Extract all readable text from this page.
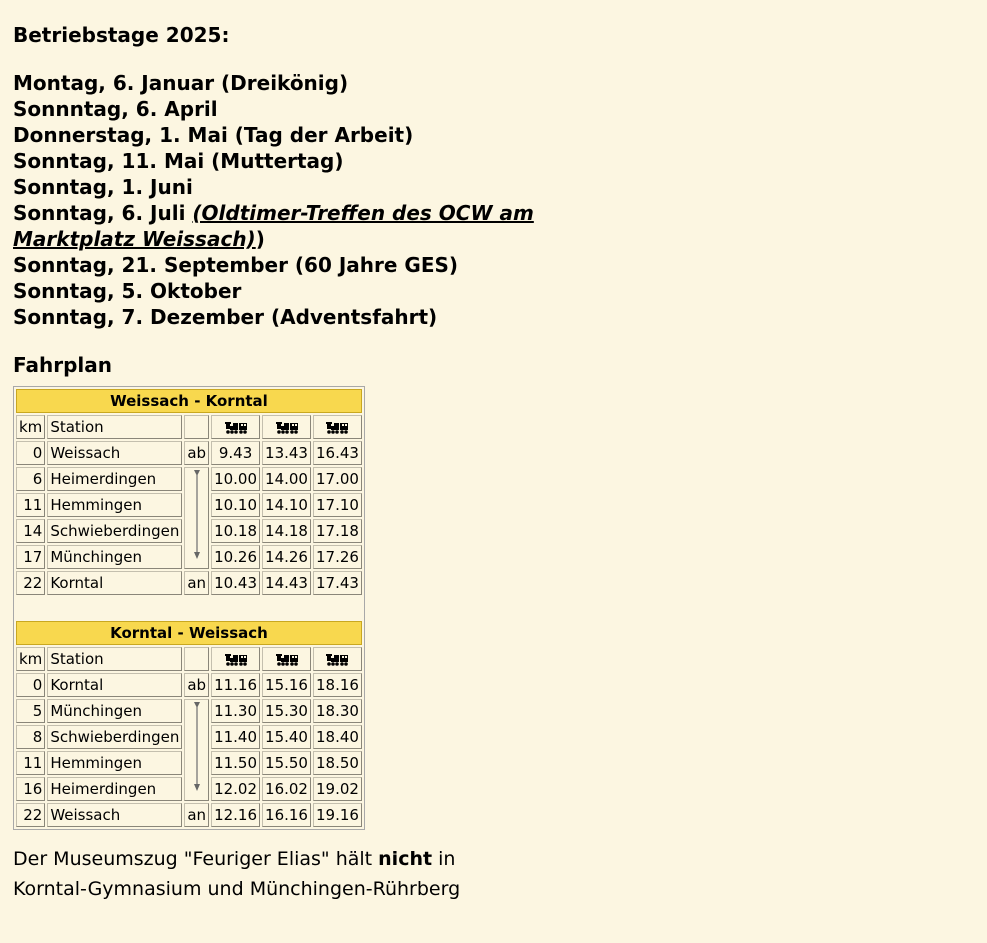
Betriebstage 2025:

Montag, 6. Januar (Dreikönig)
Sonnntag, 6. April
Donnerstag, 1. Mai (Tag der Arbeit)
Sonntag, 11. Mai (Muttertag)
Sonntag, 1. Juni
Sonntag, 6. Juli (Oldtimer-Treffen des OCW am
Marktplatz Weissach))
Sonntag, 21. September (60 Jahre GES)
Sonntag, 5. Oktober
Sonntag, 7. Dezember (Adventsfahrt)
Fahrplan
Weissach - Korntal					
km	Station				
0	Weissach	ab	9.43	13.43	16.43
6	Heimerdingen		10.00	14.00	17.00
11	Hemmingen		10.10	14.10	17.10
14	Schwieberdingen		10.18	14.18	17.18
17	Münchingen		10.26	14.26	17.26
22	Korntal	an	10.43	14.43	17.43

Korntal - Weissach					
km	Station				
0	Korntal	ab	11.16	15.16	18.16
5	Münchingen		11.30	15.30	18.30
8	Schwieberdingen		11.40	15.40	18.40
11	Hemmingen		11.50	15.50	18.50
16	Heimerdingen		12.02	16.02	19.02
22	Weissach	an	12.16	16.16	19.16
Der Museumszug "Feuriger Elias" hält nicht in
Korntal-Gymnasium und Münchingen-Rührberg
